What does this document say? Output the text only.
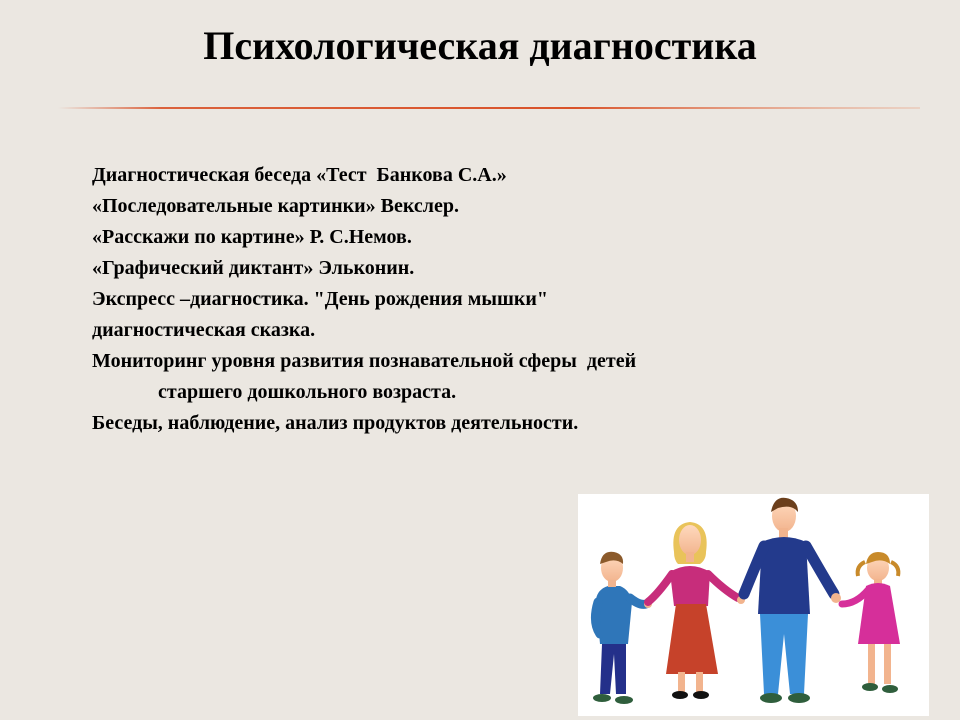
Психологическая диагностика
Диагностическая беседа «Тест  Банкова С.А.»
«Последовательные картинки» Векслер.
«Расскажи по картине» Р. С.Немов.
«Графический диктант» Эльконин.
Экспресс –диагностика. "День рождения мышки"
диагностическая сказка.
Мониторинг уровня развития познавательной сферы  детей
старшего дошкольного возраста.
Беседы, наблюдение, анализ продуктов деятельности.
